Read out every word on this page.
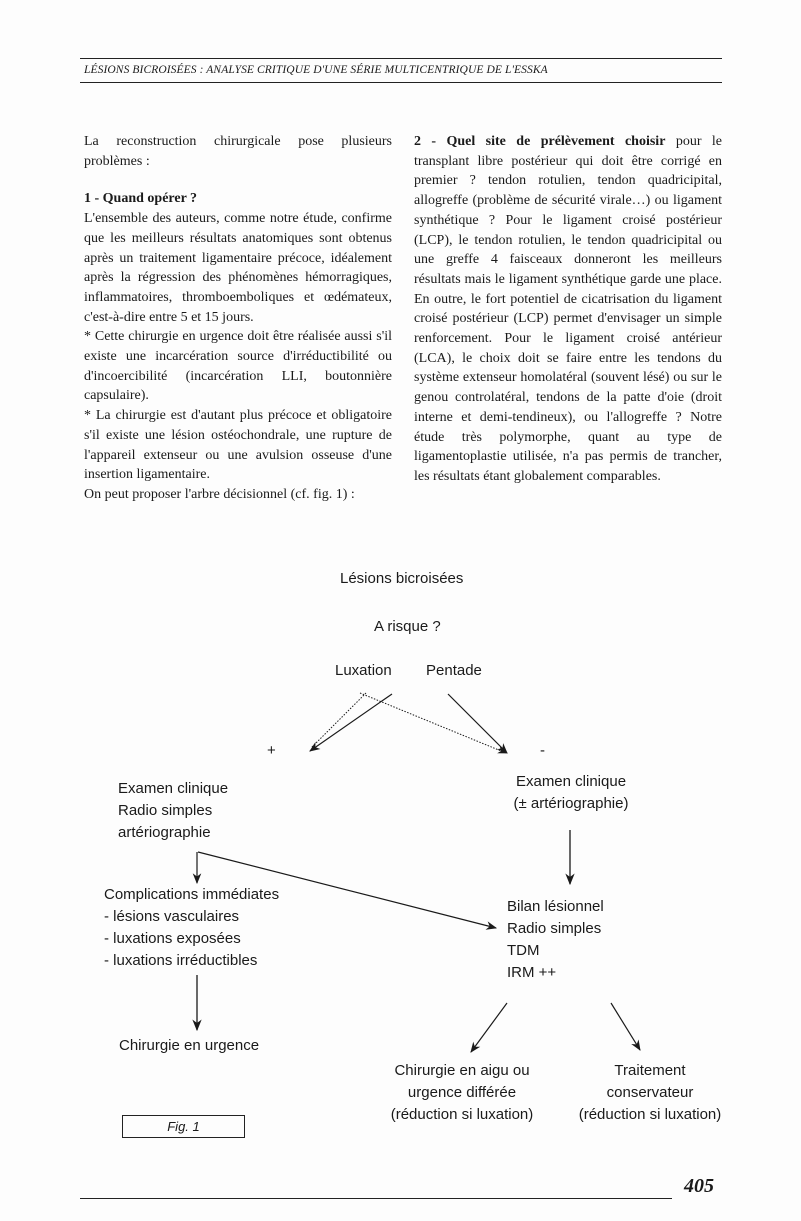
LÉSIONS BICROISÉES : ANALYSE CRITIQUE D'UNE SÉRIE MULTICENTRIQUE DE L'ESSKA

La reconstruction chirurgicale pose plusieurs problèmes :

1 - Quand opérer ?

L'ensemble des auteurs, comme notre étude, confirme que les meilleurs résultats anatomiques sont obtenus après un traitement ligamentaire précoce, idéalement après la régression des phénomènes hémorragiques, inflammatoires, thromboemboliques et œdémateux, c'est-à-dire entre 5 et 15 jours.

* Cette chirurgie en urgence doit être réalisée aussi s'il existe une incarcération source d'irréductibilité ou d'incoercibilité (incarcération LLI, boutonnière capsulaire).

* La chirurgie est d'autant plus précoce et obligatoire s'il existe une lésion ostéochondrale, une rupture de l'appareil extenseur ou une avulsion osseuse d'une insertion ligamentaire.

On peut proposer l'arbre décisionnel (cf. fig. 1) :

2 - Quel site de prélèvement choisir pour le transplant libre postérieur qui doit être corrigé en premier ? tendon rotulien, tendon quadricipital, allogreffe (problème de sécurité virale…) ou ligament synthétique ? Pour le ligament croisé postérieur (LCP), le tendon rotulien, le tendon quadricipital ou une greffe 4 faisceaux donneront les meilleurs résultats mais le ligament synthétique garde une place. En outre, le fort potentiel de cicatrisation du ligament croisé postérieur (LCP) permet d'envisager un simple renforcement. Pour le ligament croisé antérieur (LCA), le choix doit se faire entre les tendons du système extenseur homolatéral (souvent lésé) ou sur le genou controlatéral, tendons de la patte d'oie (droit interne et demi-tendineux), ou l'allogreffe ? Notre étude très polymorphe, quant au type de ligamentoplastie utilisée, n'a pas permis de trancher, les résultats étant globalement comparables.

Lésions bicroisées
A risque ?
Luxation Pentade
+	-
Examen clinique
Radio simples
artériographie
Examen clinique
(± artériographie)
Complications immédiates
- lésions vasculaires
- luxations exposées
- luxations irréductibles
Bilan lésionnel
Radio simples
TDM
IRM ++
Chirurgie en urgence
Chirurgie en aigu ou
urgence différée
(réduction si luxation)
Traitement
conservateur
(réduction si luxation)
Fig. 1
405
